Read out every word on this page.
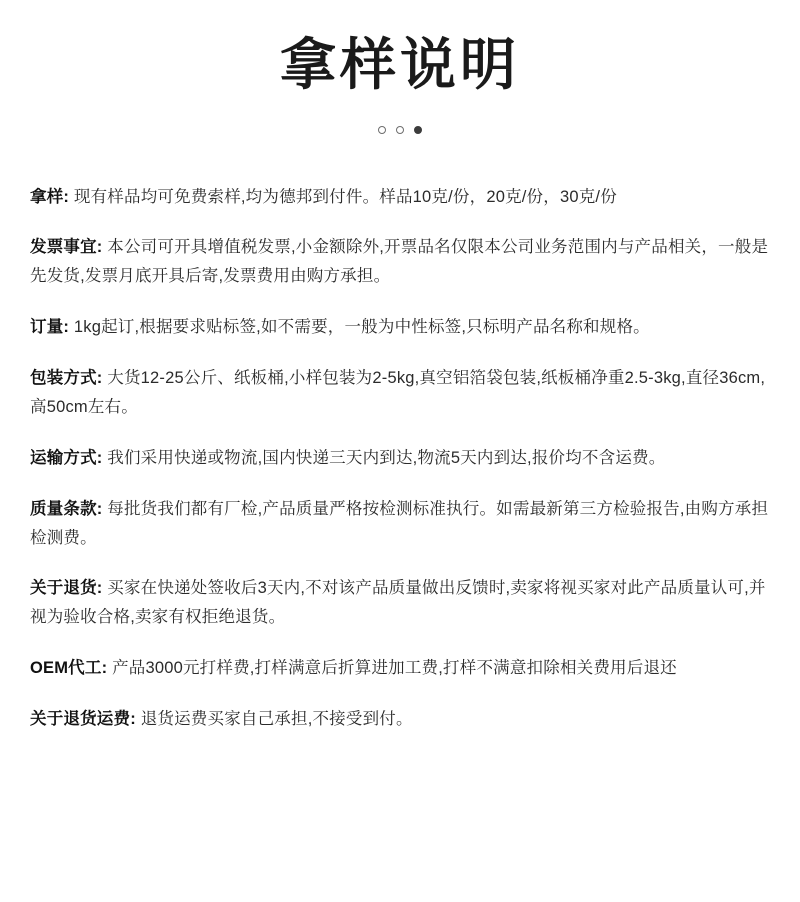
拿样说明

拿样: 现有样品均可免费索样,均为德邦到付件。样品10克/份，20克/份，30克/份

发票事宜: 本公司可开具增值税发票,小金额除外,开票品名仅限本公司业务范围内与产品相关，一般是先发货,发票月底开具后寄,发票费用由购方承担。

订量: 1kg起订,根据要求贴标签,如不需要，一般为中性标签,只标明产品名称和规格。

包装方式: 大货12-25公斤、纸板桶,小样包装为2-5kg,真空铝箔袋包装,纸板桶净重2.5-3kg,直径36cm,高50cm左右。

运输方式: 我们采用快递或物流,国内快递三天内到达,物流5天内到达,报价均不含运费。

质量条款: 每批货我们都有厂检,产品质量严格按检测标准执行。如需最新第三方检验报告,由购方承担检测费。

关于退货: 买家在快递处签收后3天内,不对该产品质量做出反馈时,卖家将视买家对此产品质量认可,并视为验收合格,卖家有权拒绝退货。

OEM代工: 产品3000元打样费,打样满意后折算进加工费,打样不满意扣除相关费用后退还

关于退货运费: 退货运费买家自己承担,不接受到付。
